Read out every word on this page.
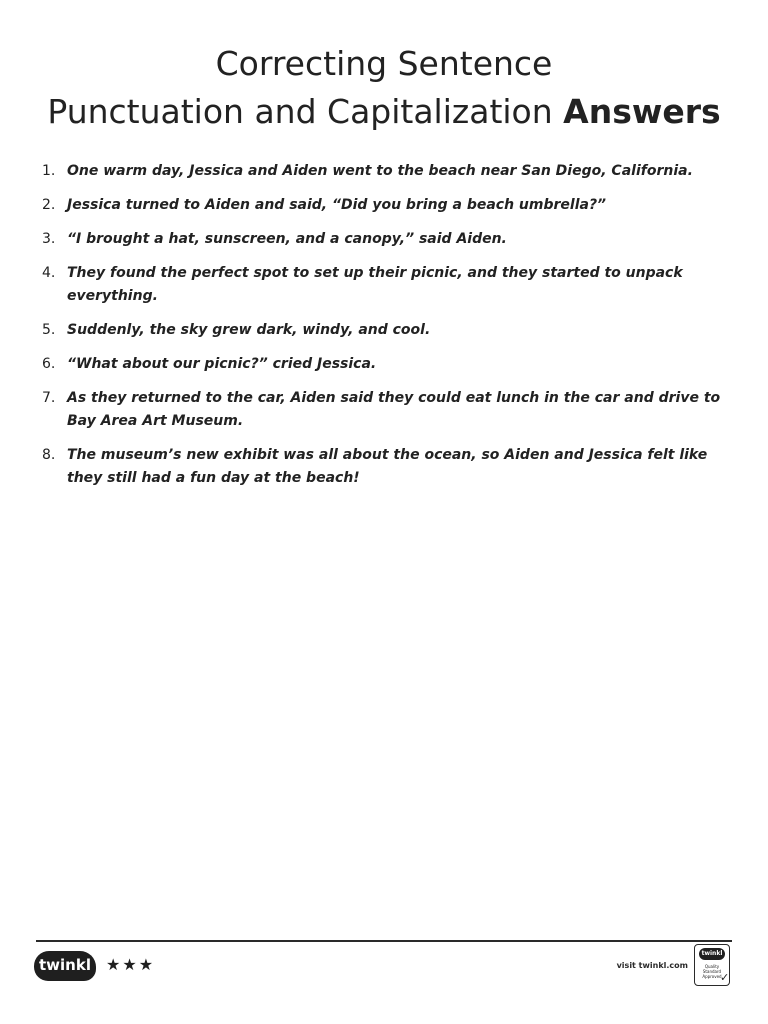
Correcting Sentence
Punctuation and Capitalization Answers
1. One warm day, Jessica and Aiden went to the beach near San Diego, California.
2. Jessica turned to Aiden and said, “Did you bring a beach umbrella?”
3. “I brought a hat, sunscreen, and a canopy,” said Aiden.
4. They found the perfect spot to set up their picnic, and they started to unpack everything.
5. Suddenly, the sky grew dark, windy, and cool.
6. “What about our picnic?” cried Jessica.
7. As they returned to the car, Aiden said they could eat lunch in the car and drive to Bay Area Art Museum.
8. The museum’s new exhibit was all about the ocean, so Aiden and Jessica felt like they still had a fun day at the beach!
twinkl ★★★	visit twinkl.com
twinkl
Quality Standard
Approved
✓
